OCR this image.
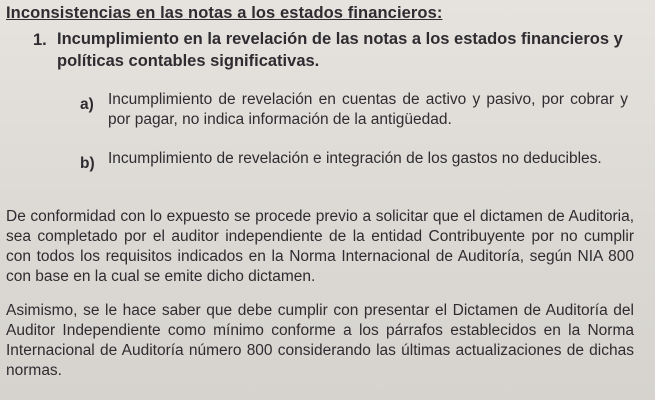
Inconsistencias en las notas a los estados financieros:
1. Incumplimiento en la revelación de las notas a los estados financieros y políticas contables significativas.
a) Incumplimiento de revelación en cuentas de activo y pasivo, por cobrar y por pagar, no indica información de la antigüedad.
b) Incumplimiento de revelación e integración de los gastos no deducibles.
De conformidad con lo expuesto se procede previo a solicitar que el dictamen de Auditoria, sea completado por el auditor independiente de la entidad Contribuyente por no cumplir con todos los requisitos indicados en la Norma Internacional de Auditoría, según NIA 800 con base en la cual se emite dicho dictamen.
Asimismo, se le hace saber que debe cumplir con presentar el Dictamen de Auditoría del Auditor Independiente como mínimo conforme a los párrafos establecidos en la Norma Internacional de Auditoría número 800 considerando las últimas actualizaciones de dichas normas.
